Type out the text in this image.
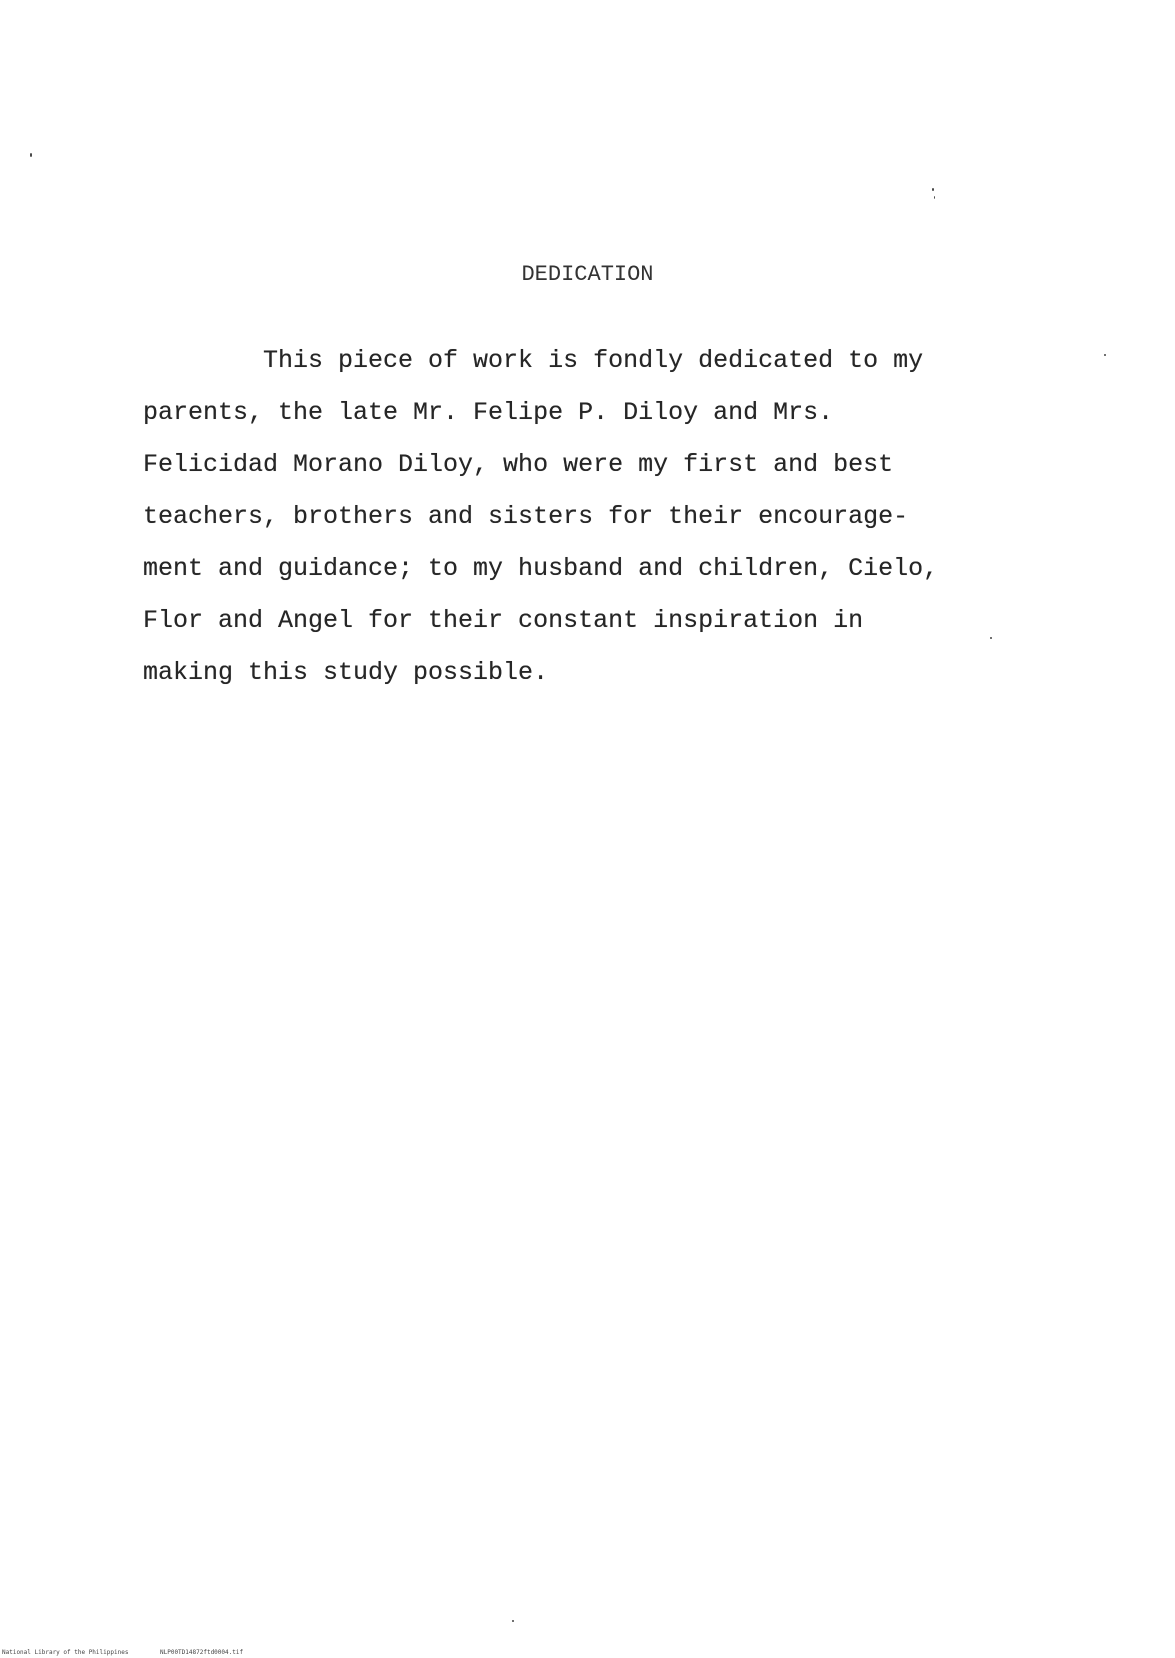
DEDICATION
This piece of work is fondly dedicated to my
parents, the late Mr. Felipe P. Diloy and Mrs.
Felicidad Morano Diloy, who were my first and best
teachers, brothers and sisters for their encourage-
ment and guidance; to my husband and children, Cielo,
Flor and Angel for their constant inspiration in
making this study possible.
National Library of the Philippines	NLP00TD14872ftd0004.tif
